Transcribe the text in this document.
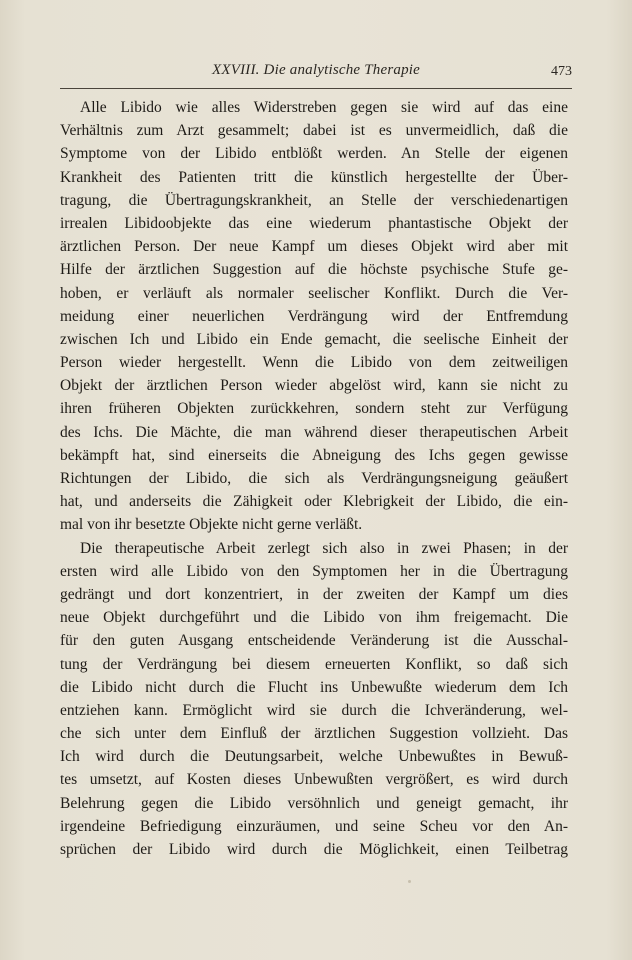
XXVIII. Die analytische Therapie	473
Alle Libido wie alles Widerstreben gegen sie wird auf das eine
Verhältnis zum Arzt gesammelt; dabei ist es unvermeidlich, daß die
Symptome von der Libido entblößt werden. An Stelle der eigenen
Krankheit des Patienten tritt die künstlich hergestellte der Über-
tragung, die Übertragungskrankheit, an Stelle der verschiedenartigen
irrealen Libidoobjekte das eine wiederum phantastische Objekt der
ärztlichen Person. Der neue Kampf um dieses Objekt wird aber mit
Hilfe der ärztlichen Suggestion auf die höchste psychische Stufe ge-
hoben, er verläuft als normaler seelischer Konflikt. Durch die Ver-
meidung einer neuerlichen Verdrängung wird der Entfremdung
zwischen Ich und Libido ein Ende gemacht, die seelische Einheit der
Person wieder hergestellt. Wenn die Libido von dem zeitweiligen
Objekt der ärztlichen Person wieder abgelöst wird, kann sie nicht zu
ihren früheren Objekten zurückkehren, sondern steht zur Verfügung
des Ichs. Die Mächte, die man während dieser therapeutischen Arbeit
bekämpft hat, sind einerseits die Abneigung des Ichs gegen gewisse
Richtungen der Libido, die sich als Verdrängungsneigung geäußert
hat, und anderseits die Zähigkeit oder Klebrigkeit der Libido, die ein-
mal von ihr besetzte Objekte nicht gerne verläßt.
Die therapeutische Arbeit zerlegt sich also in zwei Phasen; in der
ersten wird alle Libido von den Symptomen her in die Übertragung
gedrängt und dort konzentriert, in der zweiten der Kampf um dies
neue Objekt durchgeführt und die Libido von ihm freigemacht. Die
für den guten Ausgang entscheidende Veränderung ist die Ausschal-
tung der Verdrängung bei diesem erneuerten Konflikt, so daß sich
die Libido nicht durch die Flucht ins Unbewußte wiederum dem Ich
entziehen kann. Ermöglicht wird sie durch die Ichveränderung, wel-
che sich unter dem Einfluß der ärztlichen Suggestion vollzieht. Das
Ich wird durch die Deutungsarbeit, welche Unbewußtes in Bewuß-
tes umsetzt, auf Kosten dieses Unbewußten vergrößert, es wird durch
Belehrung gegen die Libido versöhnlich und geneigt gemacht, ihr
irgendeine Befriedigung einzuräumen, und seine Scheu vor den An-
sprüchen der Libido wird durch die Möglichkeit, einen Teilbetrag
